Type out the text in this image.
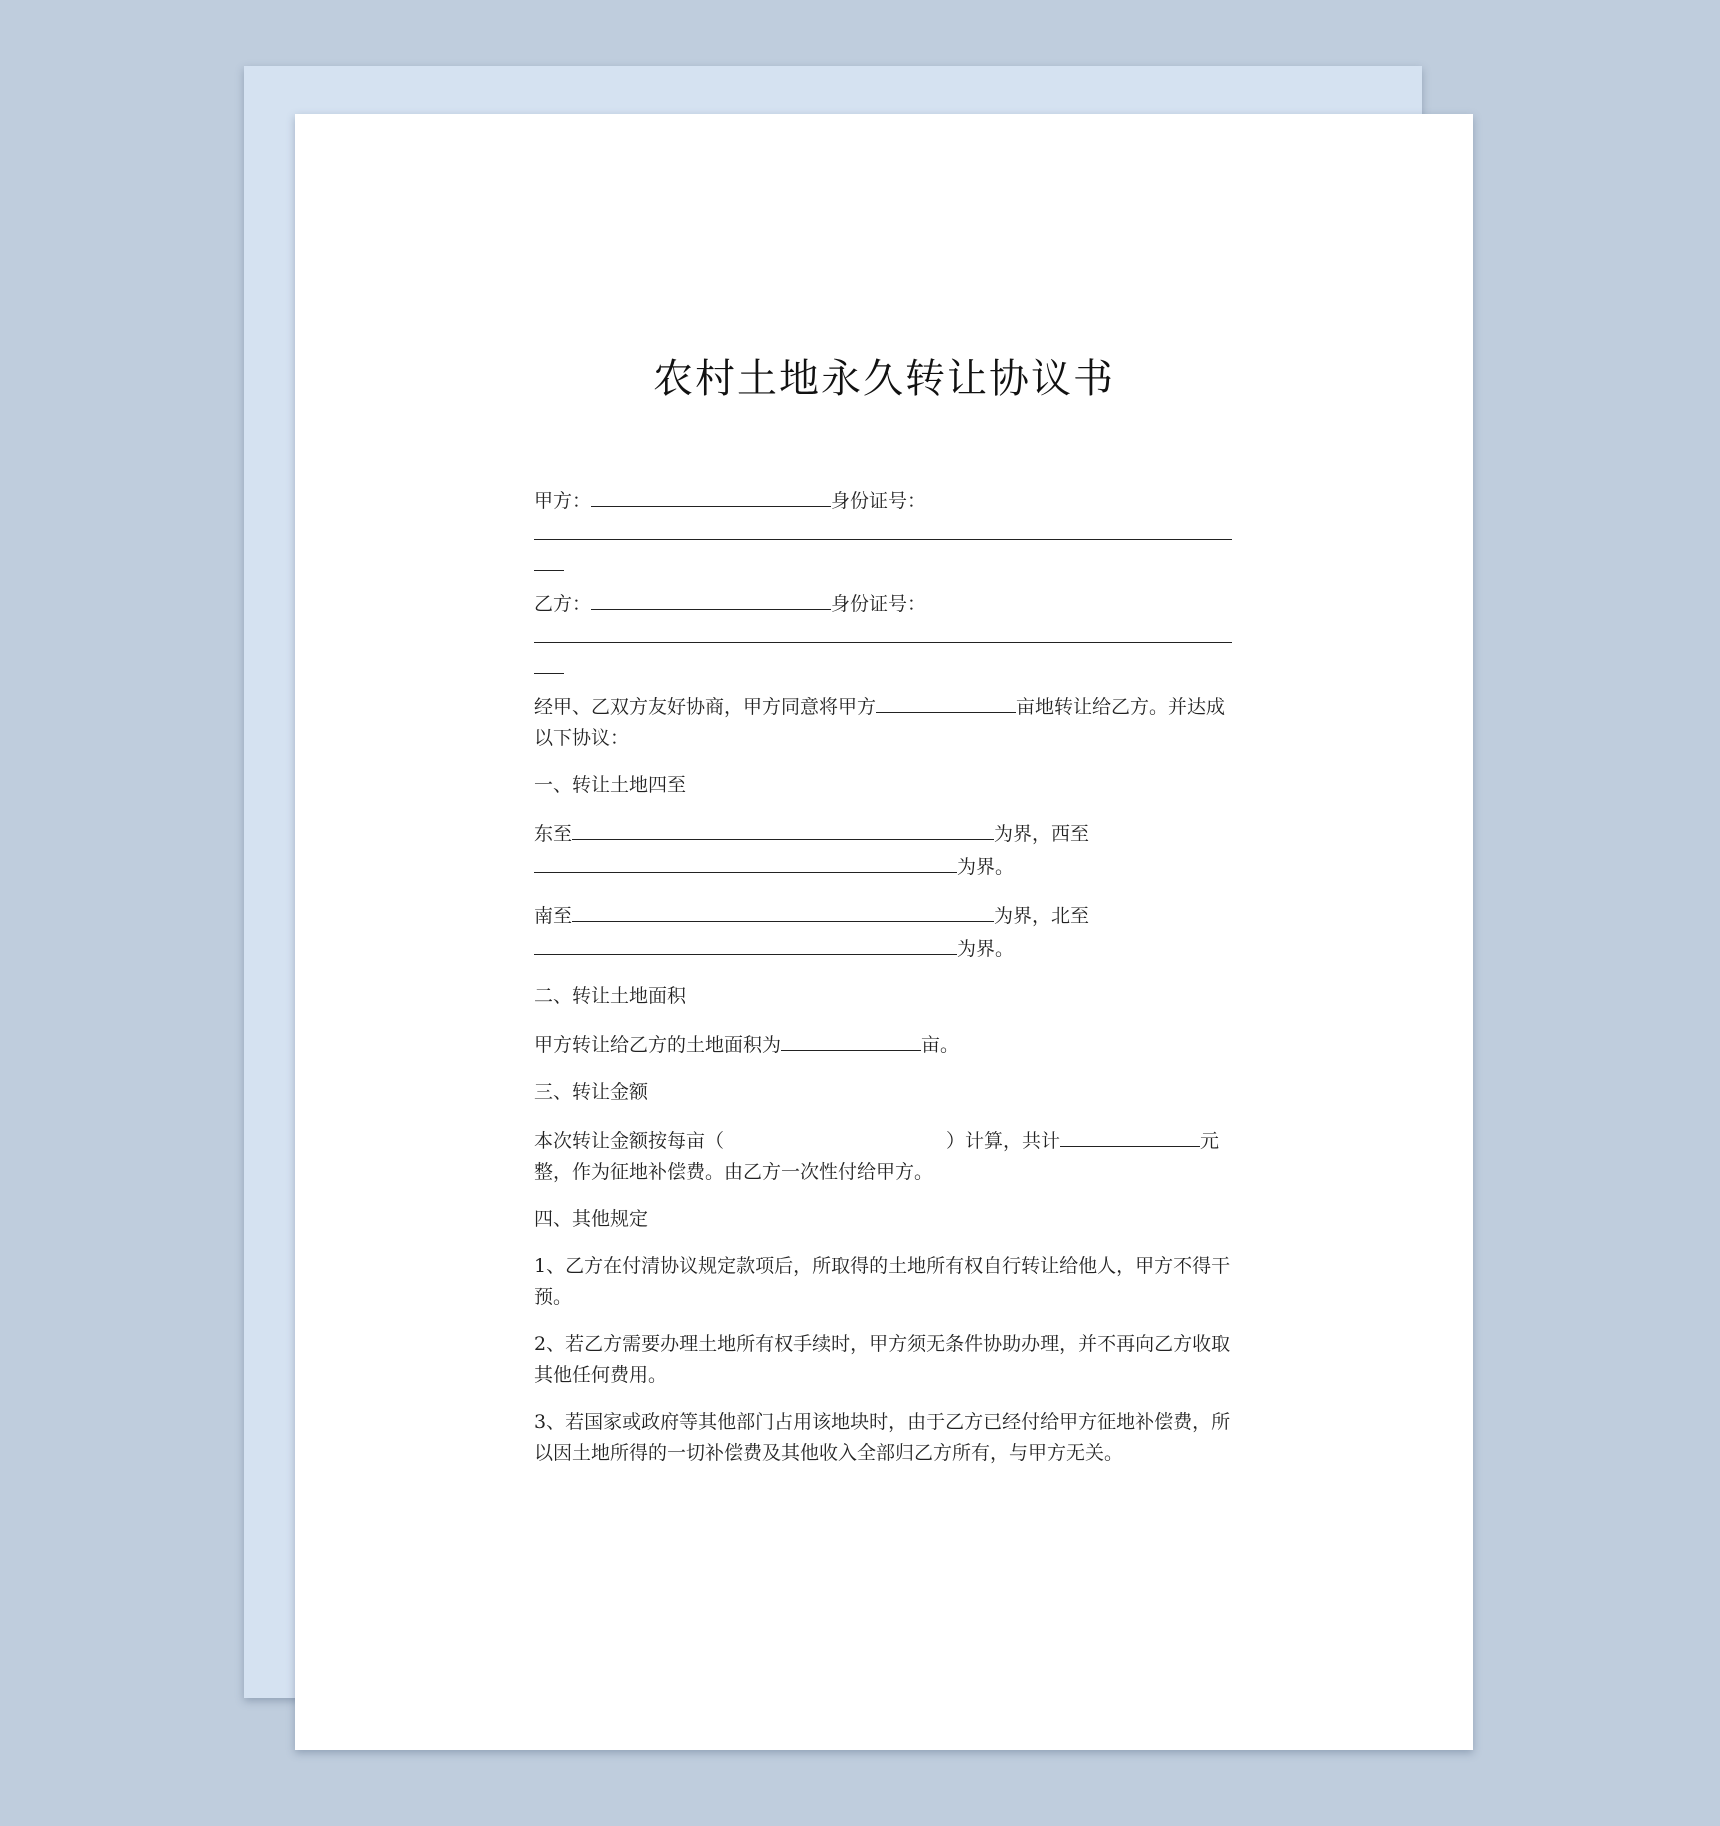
农村土地永久转让协议书
甲方：	身份证号：
乙方：	身份证号：
经甲、乙双方友好协商，甲方同意将甲方	亩地转让给乙方。并达成以下协议：
一、转让土地四至
东至	为界，西至
为界。
南至	为界，北至
为界。
二、转让土地面积
甲方转让给乙方的土地面积为	亩。
三、转让金额
本次转让金额按每亩（	）计算，共计	元整，作为征地补偿费。由乙方一次性付给甲方。
四、其他规定
1、乙方在付清协议规定款项后，所取得的土地所有权自行转让给他人，甲方不得干预。
2、若乙方需要办理土地所有权手续时，甲方须无条件协助办理，并不再向乙方收取其他任何费用。
3、若国家或政府等其他部门占用该地块时，由于乙方已经付给甲方征地补偿费，所以因土地所得的一切补偿费及其他收入全部归乙方所有，与甲方无关。
